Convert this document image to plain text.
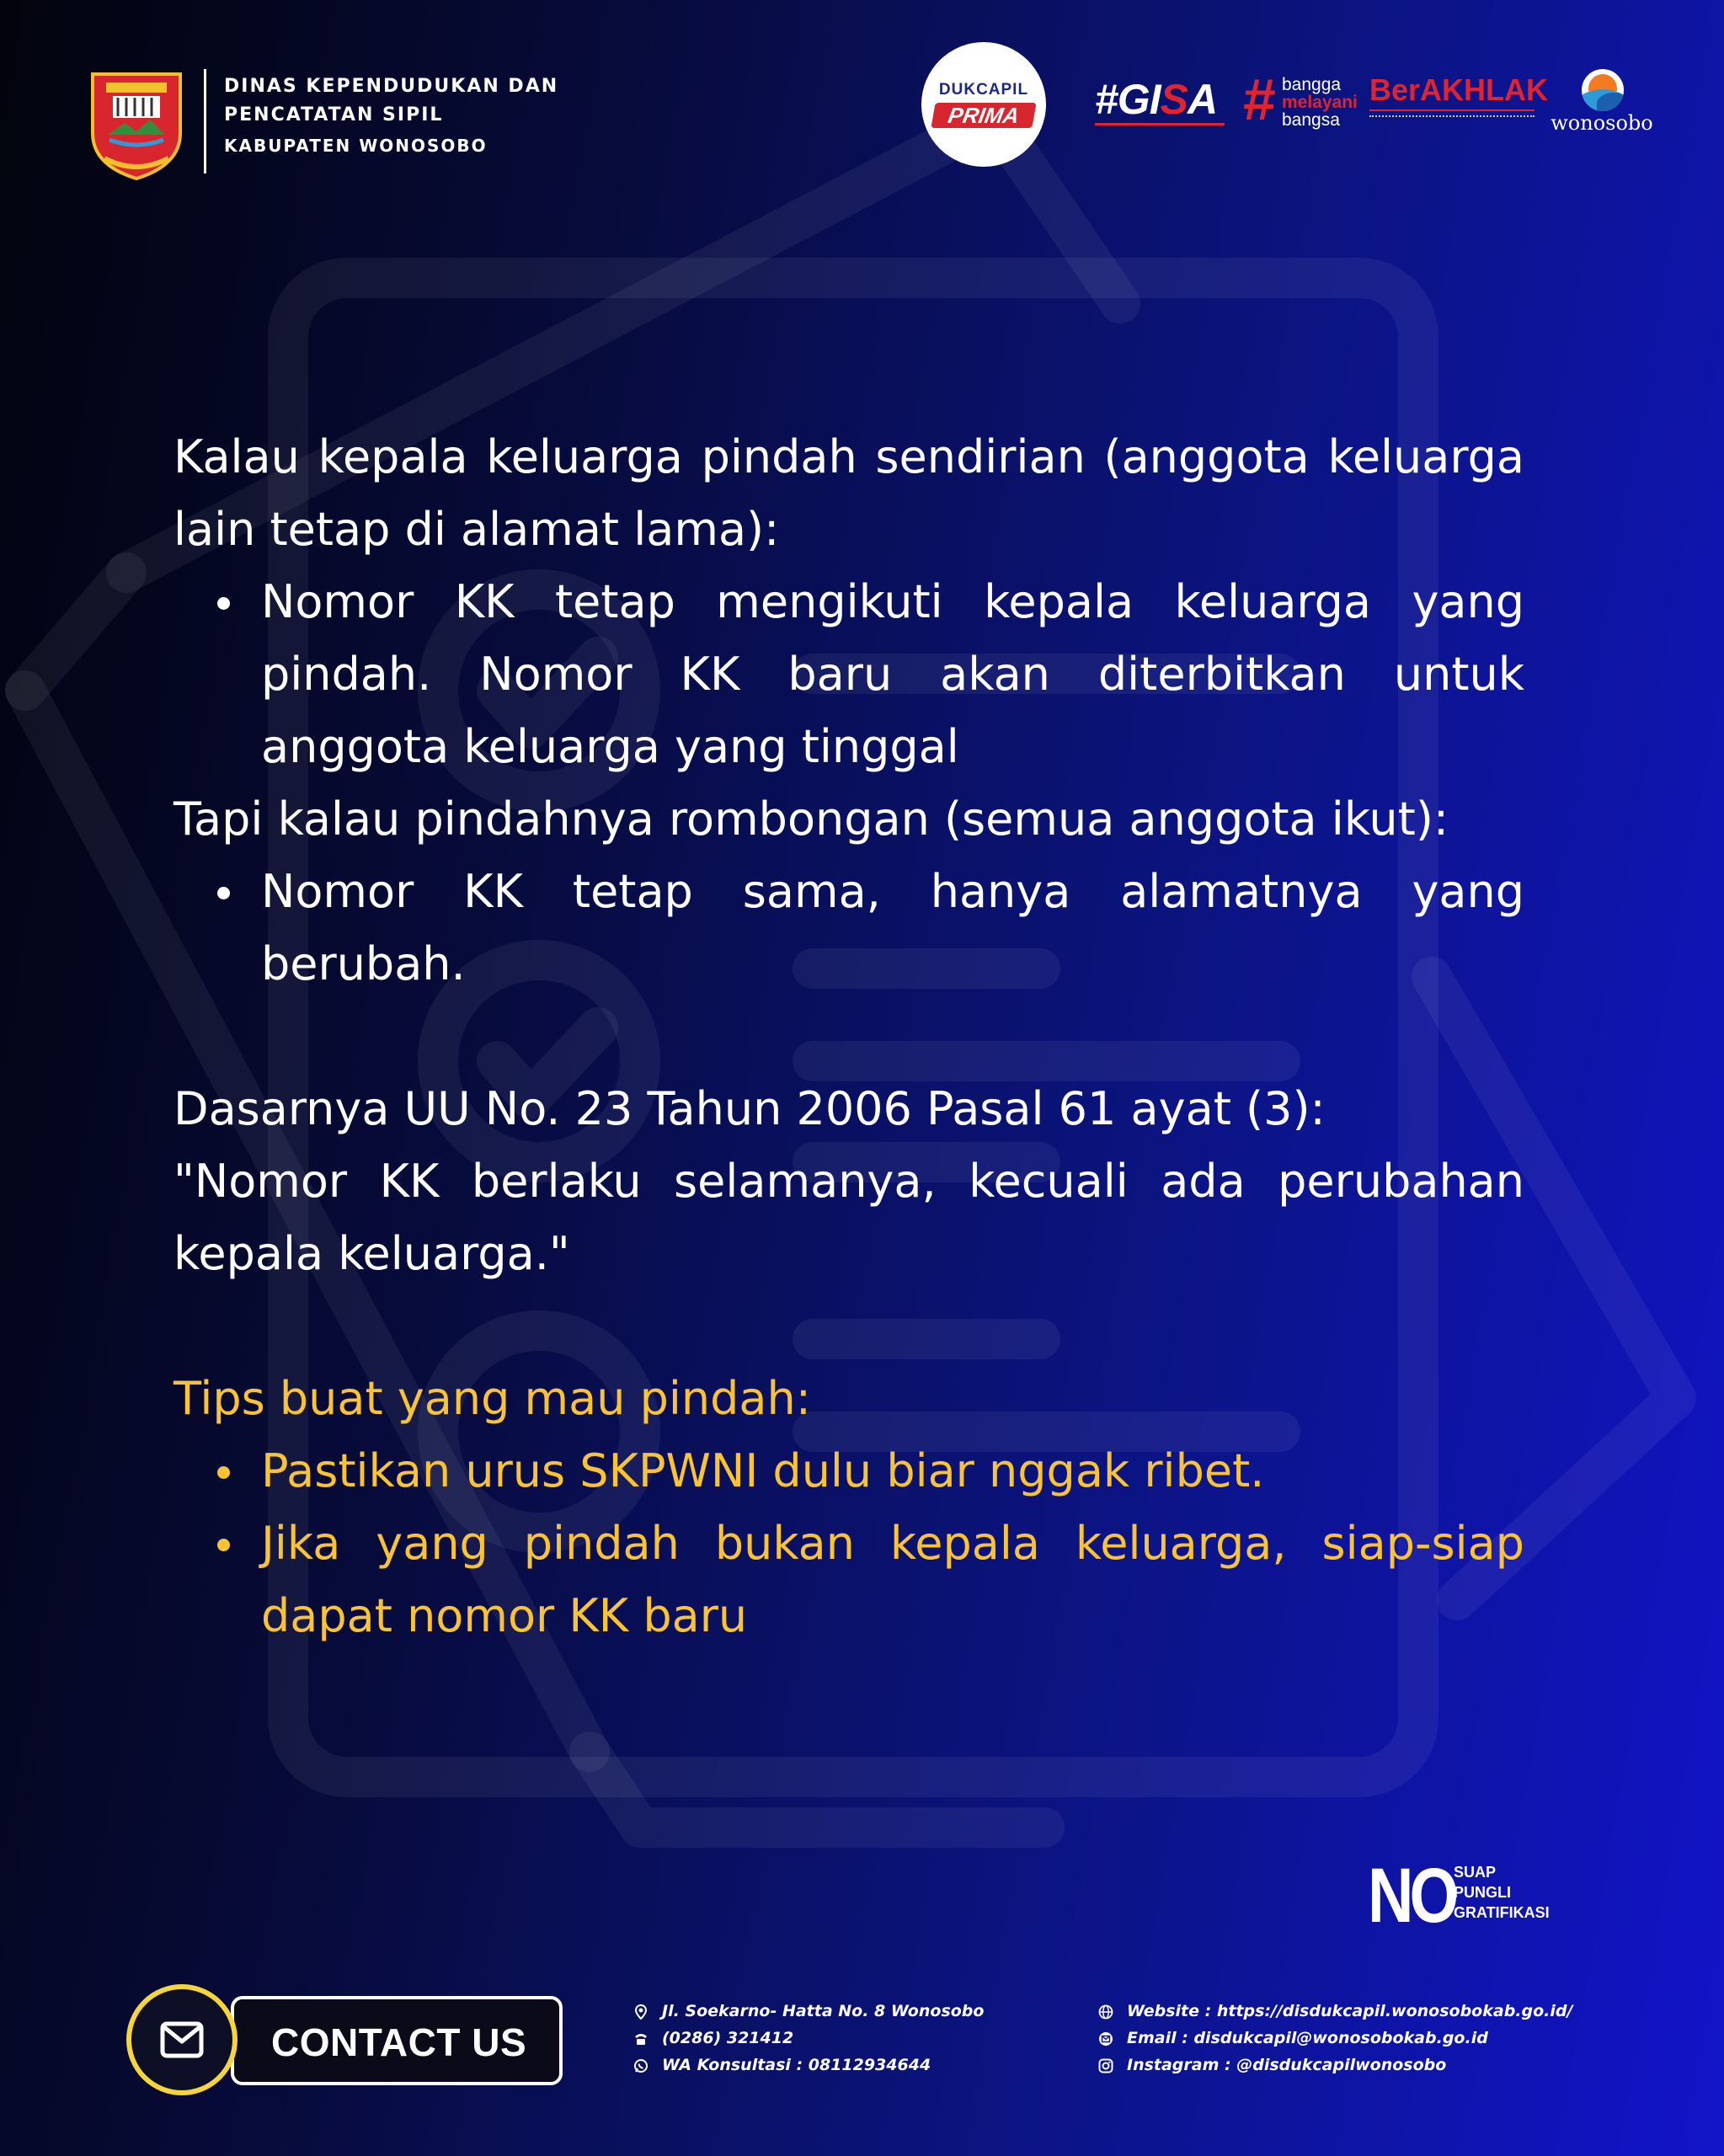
DINAS KEPENDUDUKAN DAN
PENCATATAN SIPIL
KABUPATEN WONOSOBO
DUKCAPIL
PRIMA	#GISA # bangga
melayani
bangsa
BerAKHLAK
wonosobo
Kalau kepala keluarga pindah sendirian (anggota keluarga lain tetap di alamat lama):
Nomor KK tetap mengikuti kepala keluarga yang pindah. Nomor KK baru akan diterbitkan untuk anggota keluarga yang tinggal
Tapi kalau pindahnya rombongan (semua anggota ikut):
Nomor KK tetap sama, hanya alamatnya yang berubah.
Dasarnya UU No. 23 Tahun 2006 Pasal 61 ayat (3):
"Nomor KK berlaku selamanya, kecuali ada perubahan kepala keluarga."
Tips buat yang mau pindah:
Pastikan urus SKPWNI dulu biar nggak ribet.
Jika yang pindah bukan kepala keluarga, siap-siap dapat nomor KK baru
NO
SUAP
PUNGLI
GRATIFIKASI
CONTACT US
Jl. Soekarno- Hatta No. 8 Wonosobo
(0286) 321412
WA Konsultasi : 08112934644
Website : https://disdukcapil.wonosobokab.go.id/
Email : disdukcapil@wonosobokab.go.id
Instagram : @disdukcapilwonosobo
